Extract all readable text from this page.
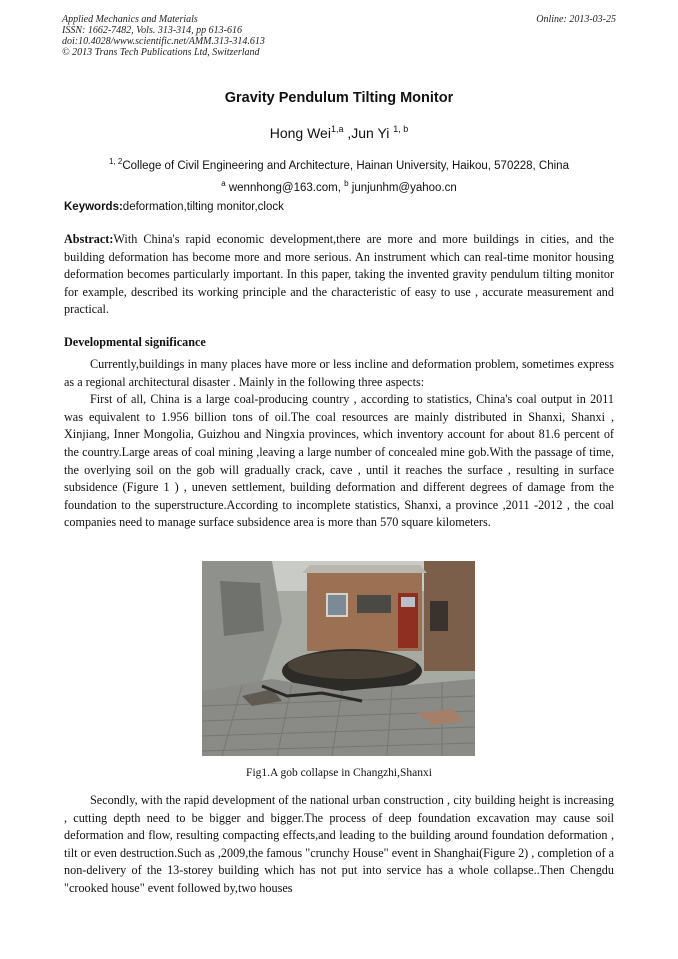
Applied Mechanics and Materials
ISSN: 1662-7482, Vols. 313-314, pp 613-616
doi:10.4028/www.scientific.net/AMM.313-314.613
© 2013 Trans Tech Publications Ltd, Switzerland
Online: 2013-03-25
Gravity Pendulum Tilting Monitor
Hong Wei$^{1,a}$ ,Jun Yi $^{1, b}$
$^{1, 2}$College of Civil Engineering and Architecture, Hainan University, Haikou, 570228, China
$^a$ wennhong@163.com, $^b$ junjunhm@yahoo.cn
Keywords:deformation,tilting monitor,clock

Abstract:With China's rapid economic development,there are more and more buildings in cities, and the building deformation has become more and more serious. An instrument which can real-time monitor housing deformation becomes particularly important. In this paper, taking the invented gravity pendulum tilting monitor for example, described its working principle and the characteristic of easy to use , accurate measurement and practical.

Developmental significance

Currently,buildings in many places have more or less incline and deformation problem, sometimes express as a regional architectural disaster . Mainly in the following three aspects:

First of all, China is a large coal-producing country , according to statistics, China's coal output in 2011 was equivalent to 1.956 billion tons of oil.The coal resources are mainly distributed in Shanxi, Shanxi , Xinjiang, Inner Mongolia, Guizhou and Ningxia provinces, which inventory account for about 81.6 percent of the country.Large areas of coal mining ,leaving a large number of concealed mine gob.With the passage of time, the overlying soil on the gob will gradually crack, cave , until it reaches the surface , resulting in surface subsidence (Figure 1 ) , uneven settlement, building deformation and different degrees of damage from the foundation to the superstructure.According to incomplete statistics, Shanxi, a province ,2011 -2012 , the coal companies need to manage surface subsidence area is more than 570 square kilometers.

Fig1.A gob collapse in Changzhi,Shanxi

Secondly, with the rapid development of the national urban construction , city building height is increasing , cutting depth need to be bigger and bigger.The process of deep foundation excavation may cause soil deformation and flow, resulting compacting effects,and leading to the building around foundation deformation , tilt or even destruction.Such as ,2009,the famous "crunchy House" event in Shanghai(Figure 2) , completion of a non-delivery of the 13-storey building which has not put into service has a whole collapse..Then Chengdu "crooked house" event followed by,two houses
